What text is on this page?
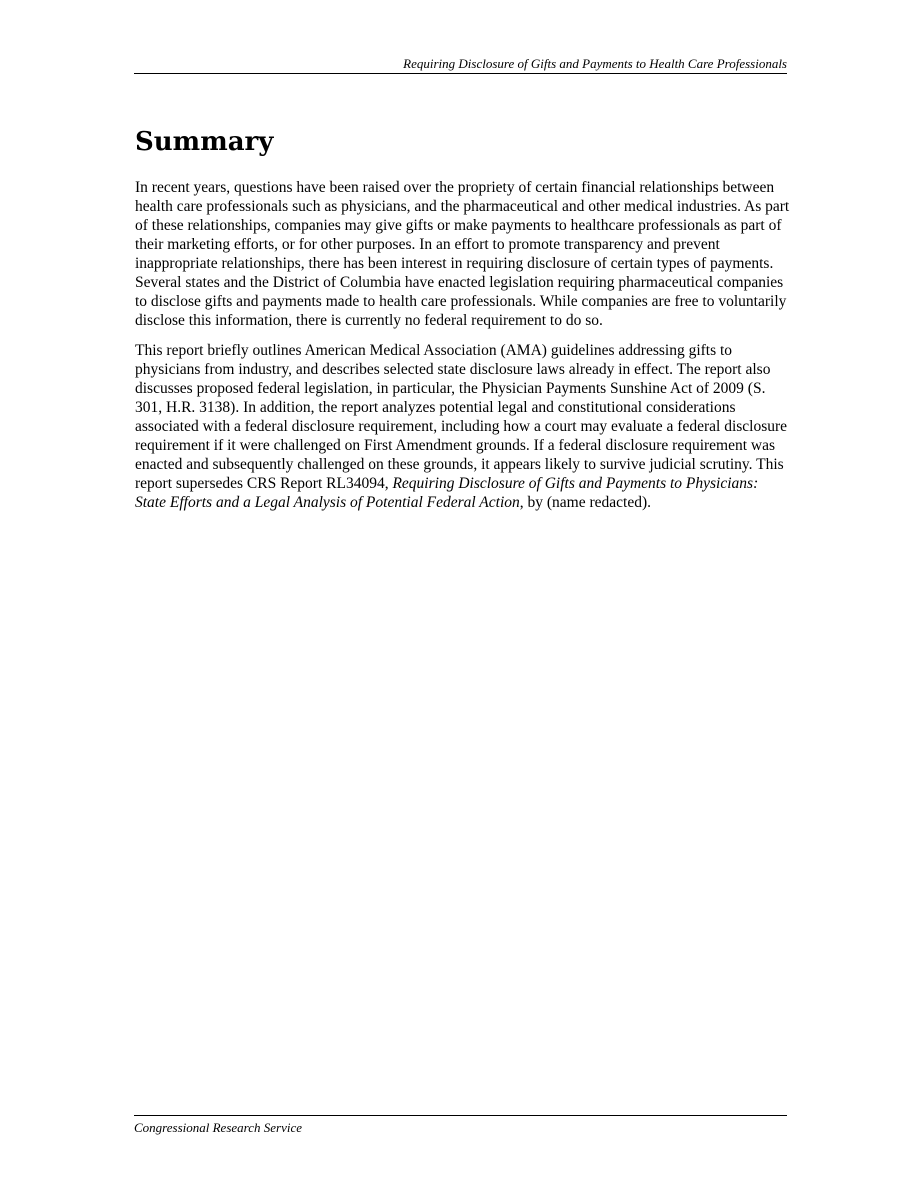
Requiring Disclosure of Gifts and Payments to Health Care Professionals
Summary

In recent years, questions have been raised over the propriety of certain financial relationships between health care professionals such as physicians, and the pharmaceutical and other medical industries. As part of these relationships, companies may give gifts or make payments to healthcare professionals as part of their marketing efforts, or for other purposes. In an effort to promote transparency and prevent inappropriate relationships, there has been interest in requiring disclosure of certain types of payments. Several states and the District of Columbia have enacted legislation requiring pharmaceutical companies to disclose gifts and payments made to health care professionals. While companies are free to voluntarily disclose this information, there is currently no federal requirement to do so.

This report briefly outlines American Medical Association (AMA) guidelines addressing gifts to physicians from industry, and describes selected state disclosure laws already in effect. The report also discusses proposed federal legislation, in particular, the Physician Payments Sunshine Act of 2009 (S. 301, H.R. 3138). In addition, the report analyzes potential legal and constitutional considerations associated with a federal disclosure requirement, including how a court may evaluate a federal disclosure requirement if it were challenged on First Amendment grounds. If a federal disclosure requirement was enacted and subsequently challenged on these grounds, it appears likely to survive judicial scrutiny. This report supersedes CRS Report RL34094, Requiring Disclosure of Gifts and Payments to Physicians: State Efforts and a Legal Analysis of Potential Federal Action, by (name redacted).

Congressional Research Service
